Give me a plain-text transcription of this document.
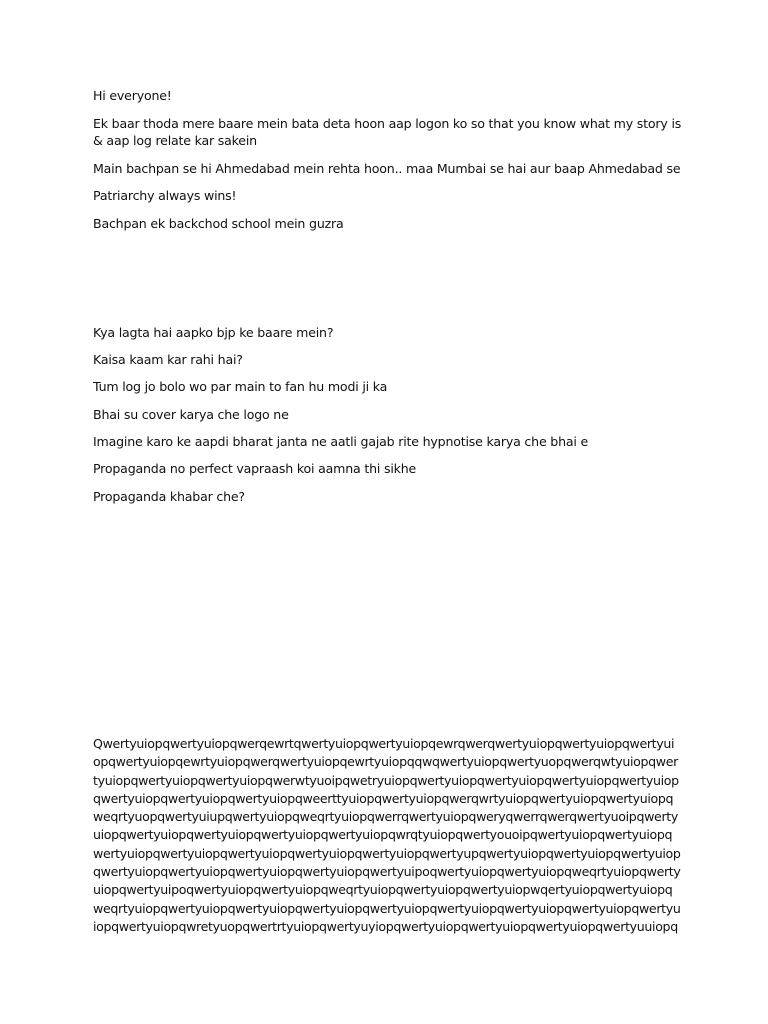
Hi everyone!

Ek baar thoda mere baare mein bata deta hoon aap logon ko so that you know what my story is & aap log relate kar sakein

Main bachpan se hi Ahmedabad mein rehta hoon.. maa Mumbai se hai aur baap Ahmedabad se

Patriarchy always wins!

Bachpan ek backchod school mein guzra

Kya lagta hai aapko bjp ke baare mein?

Kaisa kaam kar rahi hai?

Tum log jo bolo wo par main to fan hu modi ji ka

Bhai su cover karya che logo ne

Imagine karo ke aapdi bharat janta ne aatli gajab rite hypnotise karya che bhai e

Propaganda no perfect vapraash koi aamna thi sikhe

Propaganda khabar che?

Qwertyuiopqwertyuiopqwerqewrtqwertyuiopqwertyuiopqewrqwerqwertyuiopqwertyuiopqwertyui
opqwertyuiopqewrtyuiopqwerqwertyuiopqewrtyuiopqqwqwertyuiopqwertyuopqwerqwtyuiopqwer
tyuiopqwertyuiopqwertyuiopqwerwtyuoipqwetryuiopqwertyuiopqwertyuiopqwertyuiopqwertyuiop
qwertyuiopqwertyuiopqwertyuiopqweerttyuiopqwertyuiopqwerqwrtyuiopqwertyuiopqwertyuiopq
weqrtyuopqwertyuiupqwertyuiopqweqrtyuiopqwerrqwertyuiopqweryqwerrqwerqwertyuoipqwerty
uiopqwertyuiopqwertyuiopqwertyuiopqwertyuiopqwrqtyuiopqwertyouoipqwertyuiopqwertyuiopq
wertyuiopqwertyuiopqwertyuiopqwertyuiopqwertyuiopqwertyupqwertyuiopqwertyuiopqwertyuiop
qwertyuiopqwertyuiopqwertyuiopqwertyuiopqwertyuipoqwertyuiopqwertyuiopqweqrtyuiopqwerty
uiopqwertyuipoqwertyuiopqwertyuiopqweqrtyuiopqwertyuiopqwertyuiopwqertyuiopqwertyuiopq
weqrtyuiopqwertyuiopqwertyuiopqwertyuiopqwertyuiopqwertyuiopqwertyuiopqwertyuiopqwertyu
iopqwertyuiopqwretyuopqwertrtyuiopqwertyuyiopqwertyuiopqwertyuiopqwertyuiopqwertyuuiopq
